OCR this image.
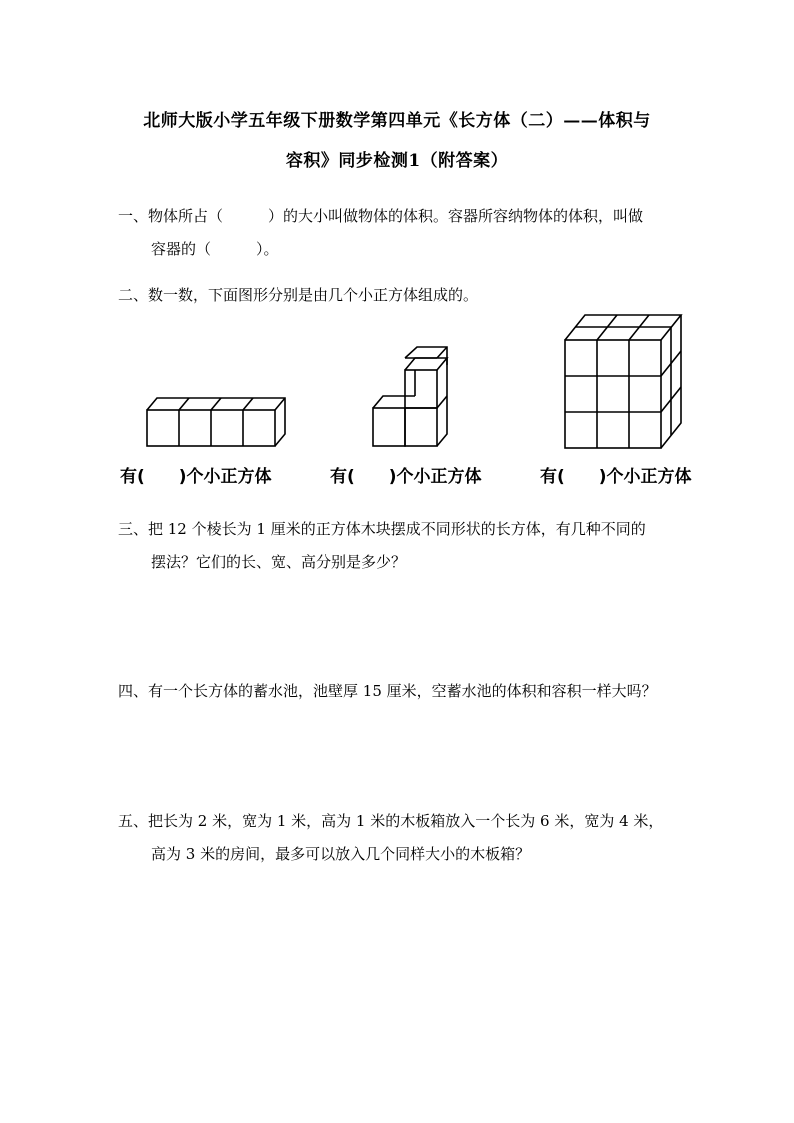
北师大版小学五年级下册数学第四单元《长方体（二）——体积与
容积》同步检测1（附答案）
一、物体所占（　　　）的大小叫做物体的体积。容器所容纳物体的体积，叫做
容器的（　　　）。
二、数一数，下面图形分别是由几个小正方体组成的。
有(　　)个小正方体	有(　　)个小正方体	有(　　)个小正方体
三、把 12 个棱长为 1 厘米的正方体木块摆成不同形状的长方体，有几种不同的
摆法？它们的长、宽、高分别是多少？
四、有一个长方体的蓄水池，池壁厚 15 厘米，空蓄水池的体积和容积一样大吗？
五、把长为 2 米，宽为 1 米，高为 1 米的木板箱放入一个长为 6 米，宽为 4 米，
高为 3 米的房间，最多可以放入几个同样大小的木板箱？
